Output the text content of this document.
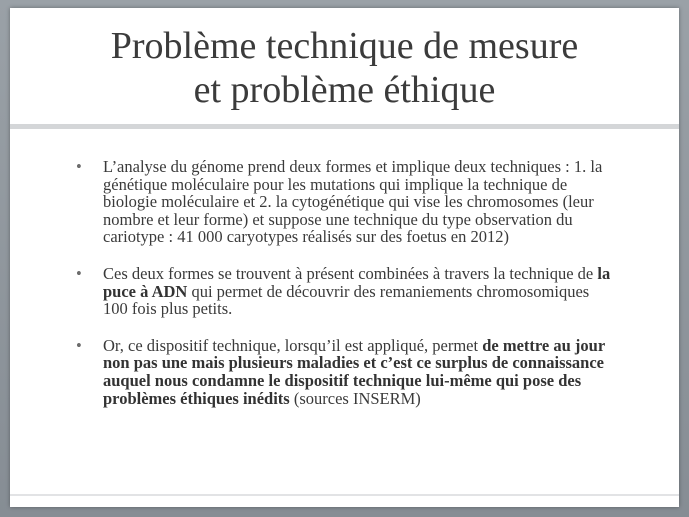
Problème technique de mesure
et problème éthique
• L’analyse du génome prend deux formes et implique deux techniques : 1. la génétique moléculaire pour les mutations qui implique la technique de biologie moléculaire et 2. la cytogénétique qui vise les chromosomes (leur nombre et leur forme) et suppose une technique du type observation du cariotype : 41 000 caryotypes réalisés sur des foetus en 2012)
• Ces deux formes se trouvent à présent combinées à travers la technique de la puce à ADN qui permet de découvrir des remaniements chromosomiques 100 fois plus petits.
• Or, ce dispositif technique, lorsqu’il est appliqué, permet de mettre au jour non pas une mais plusieurs maladies et c’est ce surplus de connaissance auquel nous condamne le dispositif technique lui-même qui pose des problèmes éthiques inédits (sources INSERM)
